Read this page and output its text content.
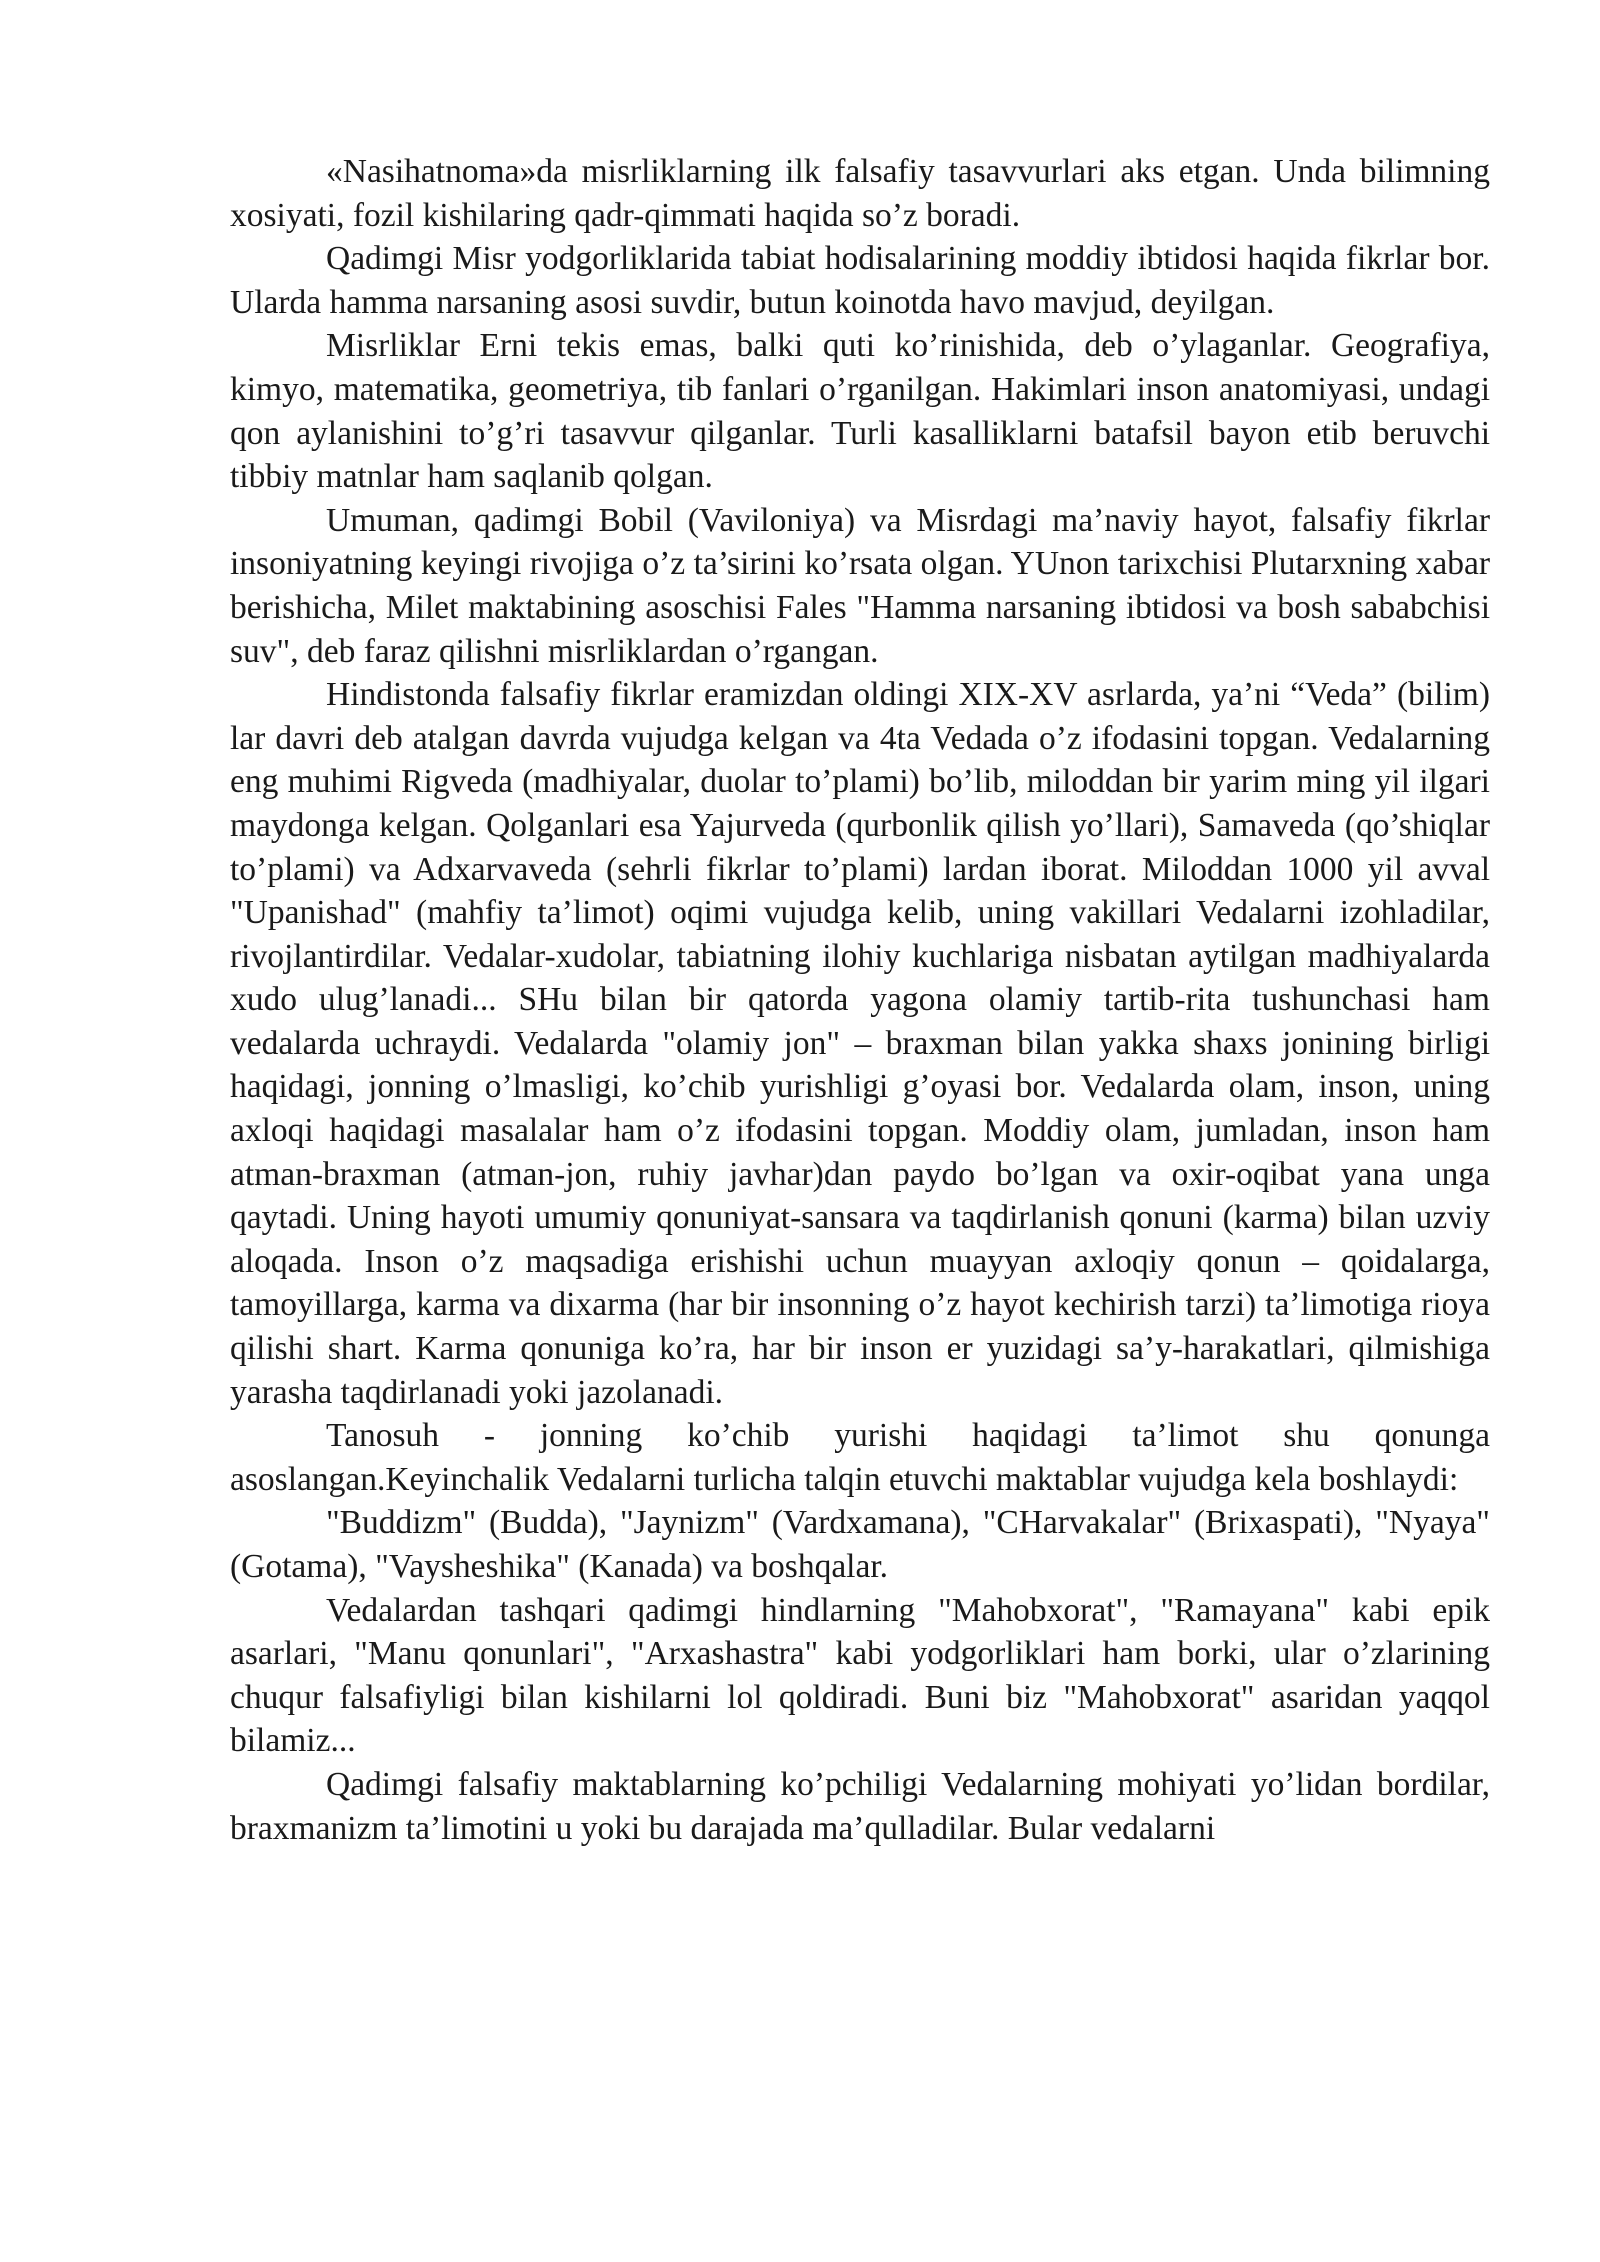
«Nasihatnoma»da misrliklarning ilk falsafiy tasavvurlari aks etgan. Unda bilimning xosiyati, fozil kishilaring qadr-qimmati haqida so’z boradi.

Qadimgi Misr yodgorliklarida tabiat hodisalarining moddiy ibtidosi haqida fikrlar bor. Ularda hamma narsaning asosi suvdir, butun koinotda havo mavjud, deyilgan.

Misrliklar Erni tekis emas, balki quti ko’rinishida, deb o’ylaganlar. Geografiya, kimyo, matematika, geometriya, tib fanlari o’rganilgan. Hakimlari inson anatomiyasi, undagi qon aylanishini to’g’ri tasavvur qilganlar. Turli kasalliklarni batafsil bayon etib beruvchi tibbiy matnlar ham saqlanib qolgan.

Umuman, qadimgi Bobil (Vaviloniya) va Misrdagi ma’naviy hayot, falsafiy fikrlar insoniyatning keyingi rivojiga o’z ta’sirini ko’rsata olgan. YUnon tarixchisi Plutarxning xabar berishicha, Milet maktabining asoschisi Fales "Hamma narsaning ibtidosi va bosh sababchisi suv", deb faraz qilishni misrliklardan o’rgangan.

Hindistonda falsafiy fikrlar eramizdan oldingi XIX-XV asrlarda, ya’ni “Veda” (bilim) lar davri deb atalgan davrda vujudga kelgan va 4ta Vedada o’z ifodasini topgan. Vedalarning eng muhimi Rigveda (madhiyalar, duolar to’plami) bo’lib, miloddan bir yarim ming yil ilgari maydonga kelgan. Qolganlari esa Yajurveda (qurbonlik qilish yo’llari), Samaveda (qo’shiqlar to’plami) va Adxarvaveda (sehrli fikrlar to’plami) lardan iborat. Miloddan 1000 yil avval "Upanishad" (mahfiy ta’limot) oqimi vujudga kelib, uning vakillari Vedalarni izohladilar, rivojlantirdilar. Vedalar-xudolar, tabiatning ilohiy kuchlariga nisbatan aytilgan madhiyalarda xudo ulug’lanadi... SHu bilan bir qatorda yagona olamiy tartib-rita tushunchasi ham vedalarda uchraydi. Vedalarda "olamiy jon" – braxman bilan yakka shaxs jonining birligi haqidagi, jonning o’lmasligi, ko’chib yurishligi g’oyasi bor. Vedalarda olam, inson, uning axloqi haqidagi masalalar ham o’z ifodasini topgan. Moddiy olam, jumladan, inson ham atman-braxman (atman-jon, ruhiy javhar)dan paydo bo’lgan va oxir-oqibat yana unga qaytadi. Uning hayoti umumiy qonuniyat-sansara va taqdirlanish qonuni (karma) bilan uzviy aloqada. Inson o’z maqsadiga erishishi uchun muayyan axloqiy qonun – qoidalarga, tamoyillarga, karma va dixarma (har bir insonning o’z hayot kechirish tarzi) ta’limotiga rioya qilishi shart. Karma qonuniga ko’ra, har bir inson er yuzidagi sa’y-harakatlari, qilmishiga yarasha taqdirlanadi yoki jazolanadi.

Tanosuh - jonning ko’chib yurishi haqidagi ta’limot shu qonunga asoslangan.Keyinchalik Vedalarni turlicha talqin etuvchi maktablar vujudga kela boshlaydi:

"Buddizm" (Budda), "Jaynizm" (Vardxamana), "CHarvakalar" (Brixaspati), "Nyaya" (Gotama), "Vaysheshika" (Kanada) va boshqalar.

Vedalardan tashqari qadimgi hindlarning "Mahobxorat", "Ramayana" kabi epik asarlari, "Manu qonunlari", "Arxashastra" kabi yodgorliklari ham borki, ular o’zlarining chuqur falsafiyligi bilan kishilarni lol qoldiradi. Buni biz "Mahobxorat" asaridan yaqqol bilamiz...

Qadimgi falsafiy maktablarning ko’pchiligi Vedalarning mohiyati yo’lidan bordilar, braxmanizm ta’limotini u yoki bu darajada ma’qulladilar. Bular vedalarni
